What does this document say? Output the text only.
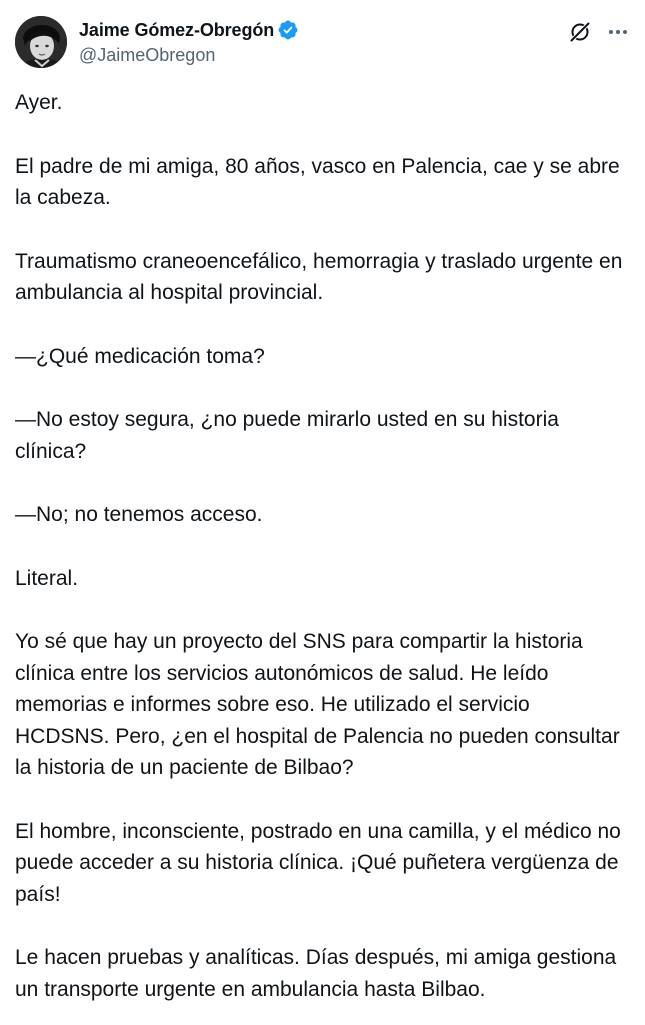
Jaime Gómez-Obregón
@JaimeObregon

Ayer.

El padre de mi amiga, 80 años, vasco en Palencia, cae y se abre la cabeza.

Traumatismo craneoencefálico, hemorragia y traslado urgente en ambulancia al hospital provincial.

—¿Qué medicación toma?

—No estoy segura, ¿no puede mirarlo usted en su historia clínica?

—No; no tenemos acceso.

Literal.

Yo sé que hay un proyecto del SNS para compartir la historia clínica entre los servicios autonómicos de salud. He leído memorias e informes sobre eso. He utilizado el servicio HCDSNS. Pero, ¿en el hospital de Palencia no pueden consultar la historia de un paciente de Bilbao?

El hombre, inconsciente, postrado en una camilla, y el médico no puede acceder a su historia clínica. ¡Qué puñetera vergüenza de país!

Le hacen pruebas y analíticas. Días después, mi amiga gestiona un transporte urgente en ambulancia hasta Bilbao.
